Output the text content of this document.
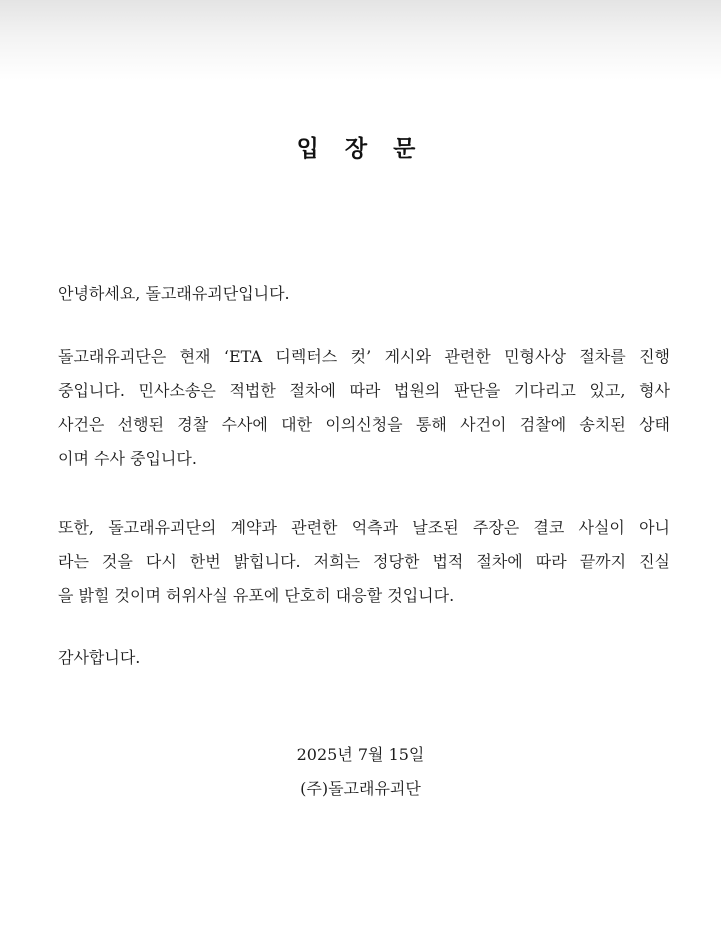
입 장 문
안녕하세요, 돌고래유괴단입니다.
돌고래유괴단은 현재 ‘ETA 디렉터스 컷’ 게시와 관련한 민형사상 절차를 진행
중입니다. 민사소송은 적법한 절차에 따라 법원의 판단을 기다리고 있고, 형사
사건은 선행된 경찰 수사에 대한 이의신청을 통해 사건이 검찰에 송치된 상태
이며 수사 중입니다.
또한, 돌고래유괴단의 계약과 관련한 억측과 날조된 주장은 결코 사실이 아니
라는 것을 다시 한번 밝힙니다. 저희는 정당한 법적 절차에 따라 끝까지 진실
을 밝힐 것이며 허위사실 유포에 단호히 대응할 것입니다.
감사합니다.
2025년 7월 15일
(주)돌고래유괴단
